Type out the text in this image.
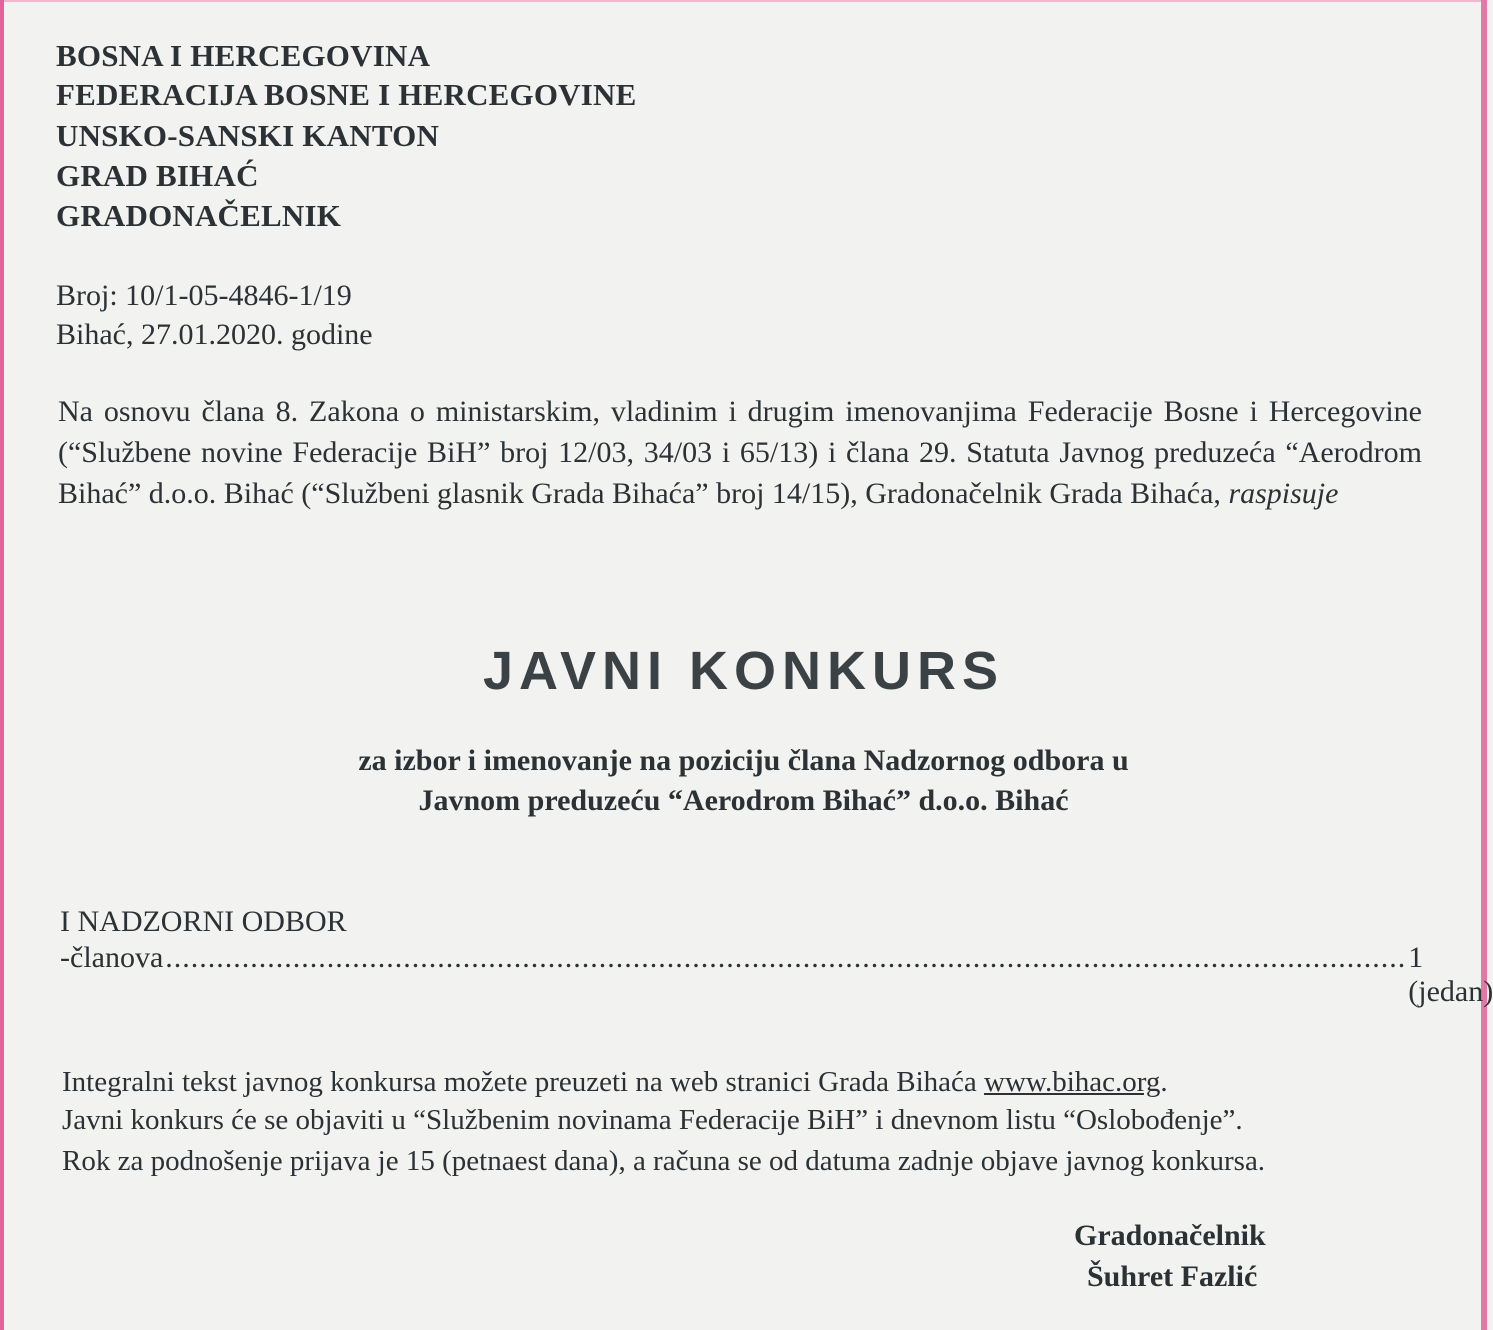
BOSNA I HERCEGOVINA
FEDERACIJA BOSNE I HERCEGOVINE
UNSKO-SANSKI KANTON
GRAD BIHAĆ
GRADONAČELNIK
Broj: 10/1-05-4846-1/19
Bihać, 27.01.2020. godine
Na osnovu člana 8. Zakona o ministarskim, vladinim i drugim imenovanjima Federacije Bosne i Hercegovine (“Službene novine Federacije BiH” broj 12/03, 34/03 i 65/13) i člana 29. Statuta Javnog preduzeća “Aerodrom Bihać” d.o.o. Bihać (“Službeni glasnik Grada Bihaća” broj 14/15), Gradonačelnik Grada Bihaća, raspisuje
JAVNI KONKURS
za izbor i imenovanje na poziciju člana Nadzornog odbora u
Javnom preduzeću “Aerodrom Bihać” d.o.o. Bihać
I NADZORNI ODBOR
- članova .................................................................................................................................................. 1 (jedan)
Integralni tekst javnog konkursa možete preuzeti na web stranici Grada Bihaća www.bihac.org.
Javni konkurs će se objaviti u “Službenim novinama Federacije BiH” i dnevnom listu “Oslobođenje”.
Rok za podnošenje prijava je 15 (petnaest dana), a računa se od datuma zadnje objave javnog konkursa.
Gradonačelnik
Šuhret Fazlić
